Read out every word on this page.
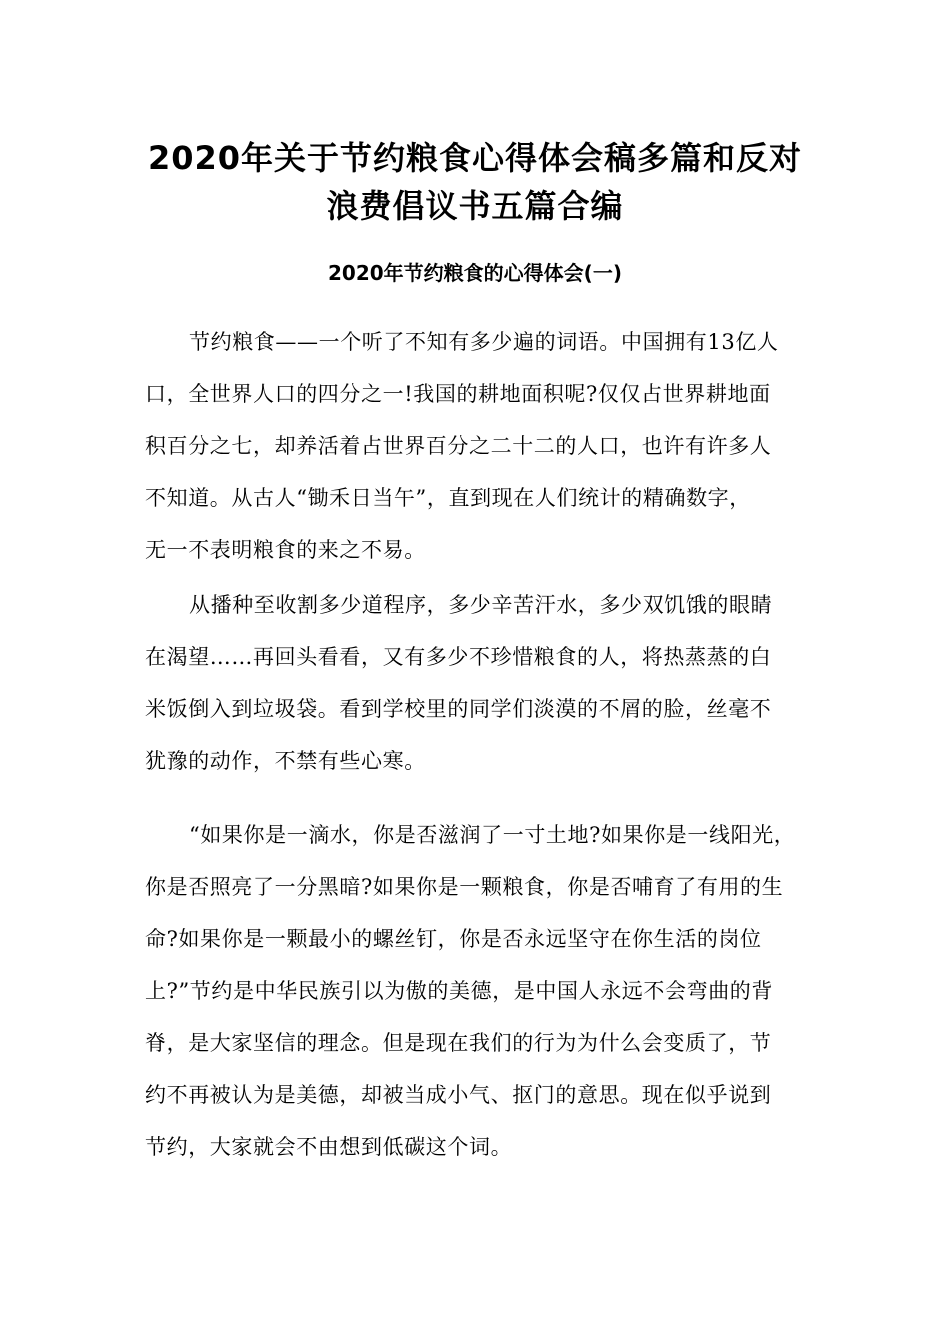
2020年关于节约粮食心得体会稿多篇和反对
浪费倡议书五篇合编
2020年节约粮食的心得体会(一)
节约粮食——一个听了不知有多少遍的词语。中国拥有13亿人
口，全世界人口的四分之一!我国的耕地面积呢?仅仅占世界耕地面
积百分之七，却养活着占世界百分之二十二的人口，也许有许多人
不知道。从古人“锄禾日当午”，直到现在人们统计的精确数字，
无一不表明粮食的来之不易。
从播种至收割多少道程序，多少辛苦汗水，多少双饥饿的眼睛
在渴望……再回头看看，又有多少不珍惜粮食的人，将热蒸蒸的白
米饭倒入到垃圾袋。看到学校里的同学们淡漠的不屑的脸，丝毫不
犹豫的动作，不禁有些心寒。
“如果你是一滴水，你是否滋润了一寸土地?如果你是一线阳光，
你是否照亮了一分黑暗?如果你是一颗粮食，你是否哺育了有用的生
命?如果你是一颗最小的螺丝钉，你是否永远坚守在你生活的岗位
上?”节约是中华民族引以为傲的美德，是中国人永远不会弯曲的背
脊，是大家坚信的理念。但是现在我们的行为为什么会变质了，节
约不再被认为是美德，却被当成小气、抠门的意思。现在似乎说到
节约，大家就会不由想到低碳这个词。
